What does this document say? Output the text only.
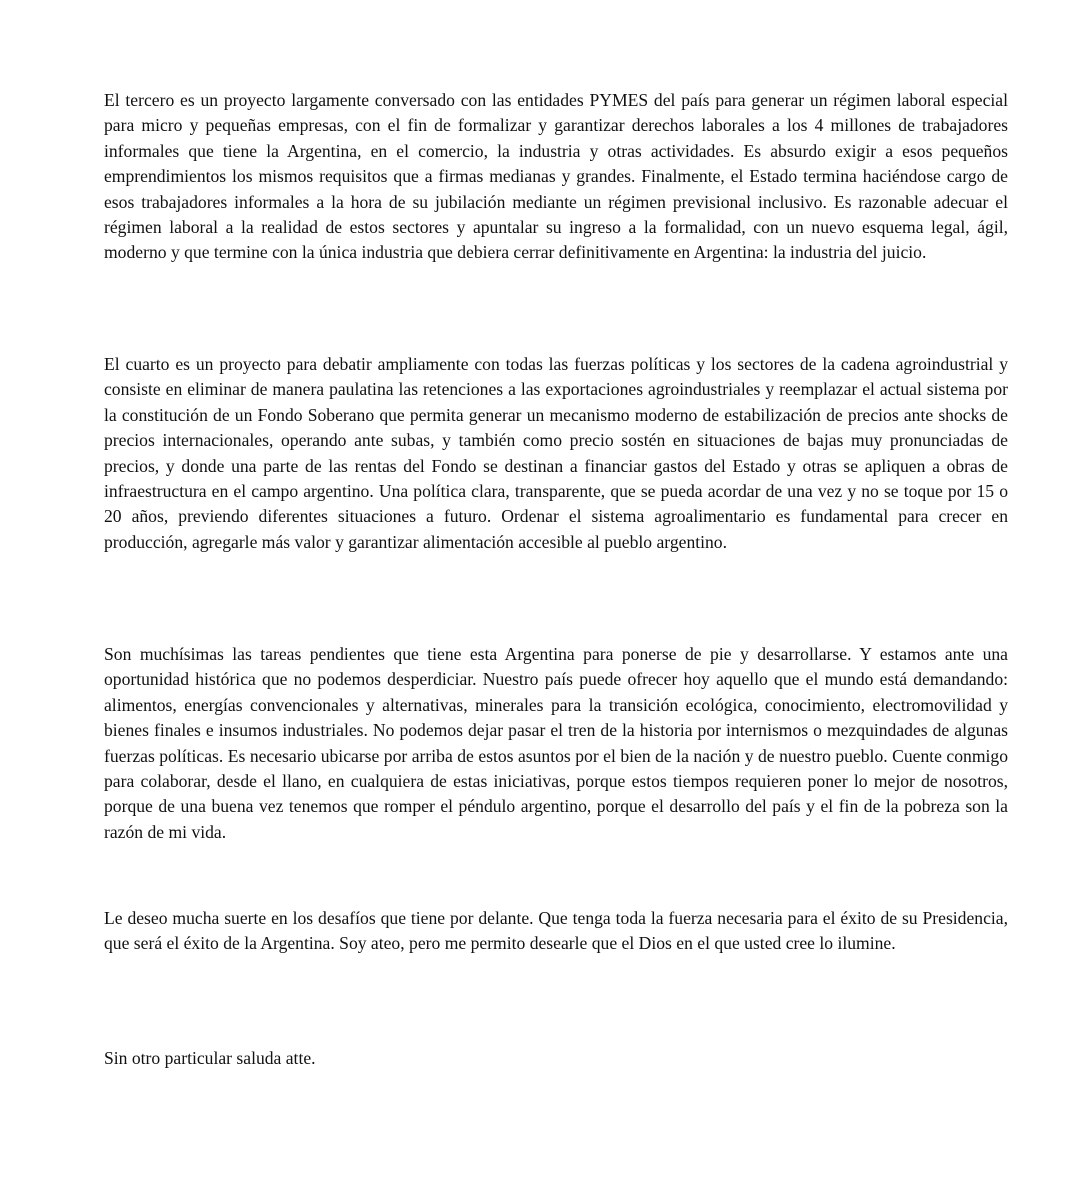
El tercero es un proyecto largamente conversado con las entidades PYMES del país para generar un régimen laboral especial para micro y pequeñas empresas, con el fin de formalizar y garantizar derechos laborales a los 4 millones de trabajadores informales que tiene la Argentina, en el comercio, la industria y otras actividades. Es absurdo exigir a esos pequeños emprendimientos los mismos requisitos que a firmas medianas y grandes. Finalmente, el Estado termina haciéndose cargo de esos trabajadores informales a la hora de su jubilación mediante un régimen previsional inclusivo. Es razonable adecuar el régimen laboral a la realidad de estos sectores y apuntalar su ingreso a la formalidad, con un nuevo esquema legal, ágil, moderno y que termine con la única industria que debiera cerrar definitivamente en Argentina: la industria del juicio.

El cuarto es un proyecto para debatir ampliamente con todas las fuerzas políticas y los sectores de la cadena agroindustrial y consiste en eliminar de manera paulatina las retenciones a las exportaciones agroindustriales y reemplazar el actual sistema por la constitución de un Fondo Soberano que permita generar un mecanismo moderno de estabilización de precios ante shocks de precios internacionales, operando ante subas, y también como precio sostén en situaciones de bajas muy pronunciadas de precios, y donde una parte de las rentas del Fondo se destinan a financiar gastos del Estado y otras se apliquen a obras de infraestructura en el campo argentino. Una política clara, transparente, que se pueda acordar de una vez y no se toque por 15 o 20 años, previendo diferentes situaciones a futuro. Ordenar el sistema agroalimentario es fundamental para crecer en producción, agregarle más valor y garantizar alimentación accesible al pueblo argentino.

Son muchísimas las tareas pendientes que tiene esta Argentina para ponerse de pie y desarrollarse. Y estamos ante una oportunidad histórica que no podemos desperdiciar. Nuestro país puede ofrecer hoy aquello que el mundo está demandando: alimentos, energías convencionales y alternativas, minerales para la transición ecológica, conocimiento, electromovilidad y bienes finales e insumos industriales. No podemos dejar pasar el tren de la historia por internismos o mezquindades de algunas fuerzas políticas. Es necesario ubicarse por arriba de estos asuntos por el bien de la nación y de nuestro pueblo. Cuente conmigo para colaborar, desde el llano, en cualquiera de estas iniciativas, porque estos tiempos requieren poner lo mejor de nosotros, porque de una buena vez tenemos que romper el péndulo argentino, porque el desarrollo del país y el fin de la pobreza son la razón de mi vida.

Le deseo mucha suerte en los desafíos que tiene por delante. Que tenga toda la fuerza necesaria para el éxito de su Presidencia, que será el éxito de la Argentina. Soy ateo, pero me permito desearle que el Dios en el que usted cree lo ilumine.

Sin otro particular saluda atte.
